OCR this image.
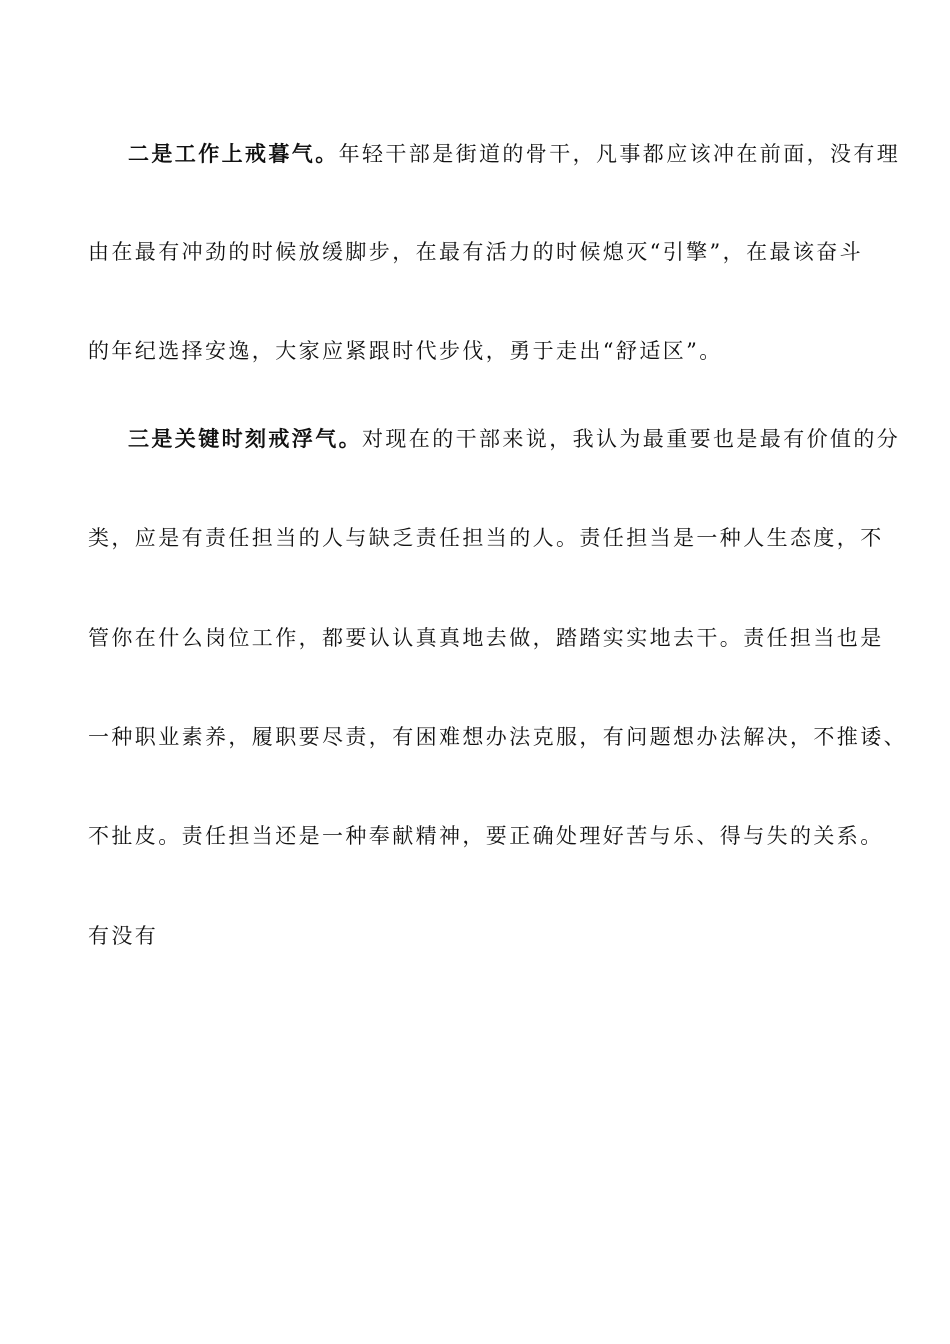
二是工作上戒暮气。年轻干部是街道的骨干，凡事都应该冲在前面，没有理
由在最有冲劲的时候放缓脚步，在最有活力的时候熄灭“引擎”，在最该奋斗
的年纪选择安逸，大家应紧跟时代步伐，勇于走出“舒适区”。
三是关键时刻戒浮气。对现在的干部来说，我认为最重要也是最有价值的分
类，应是有责任担当的人与缺乏责任担当的人。责任担当是一种人生态度，不
管你在什么岗位工作，都要认认真真地去做，踏踏实实地去干。责任担当也是
一种职业素养，履职要尽责，有困难想办法克服，有问题想办法解决，不推诿、
不扯皮。责任担当还是一种奉献精神，要正确处理好苦与乐、得与失的关系。
有没有
